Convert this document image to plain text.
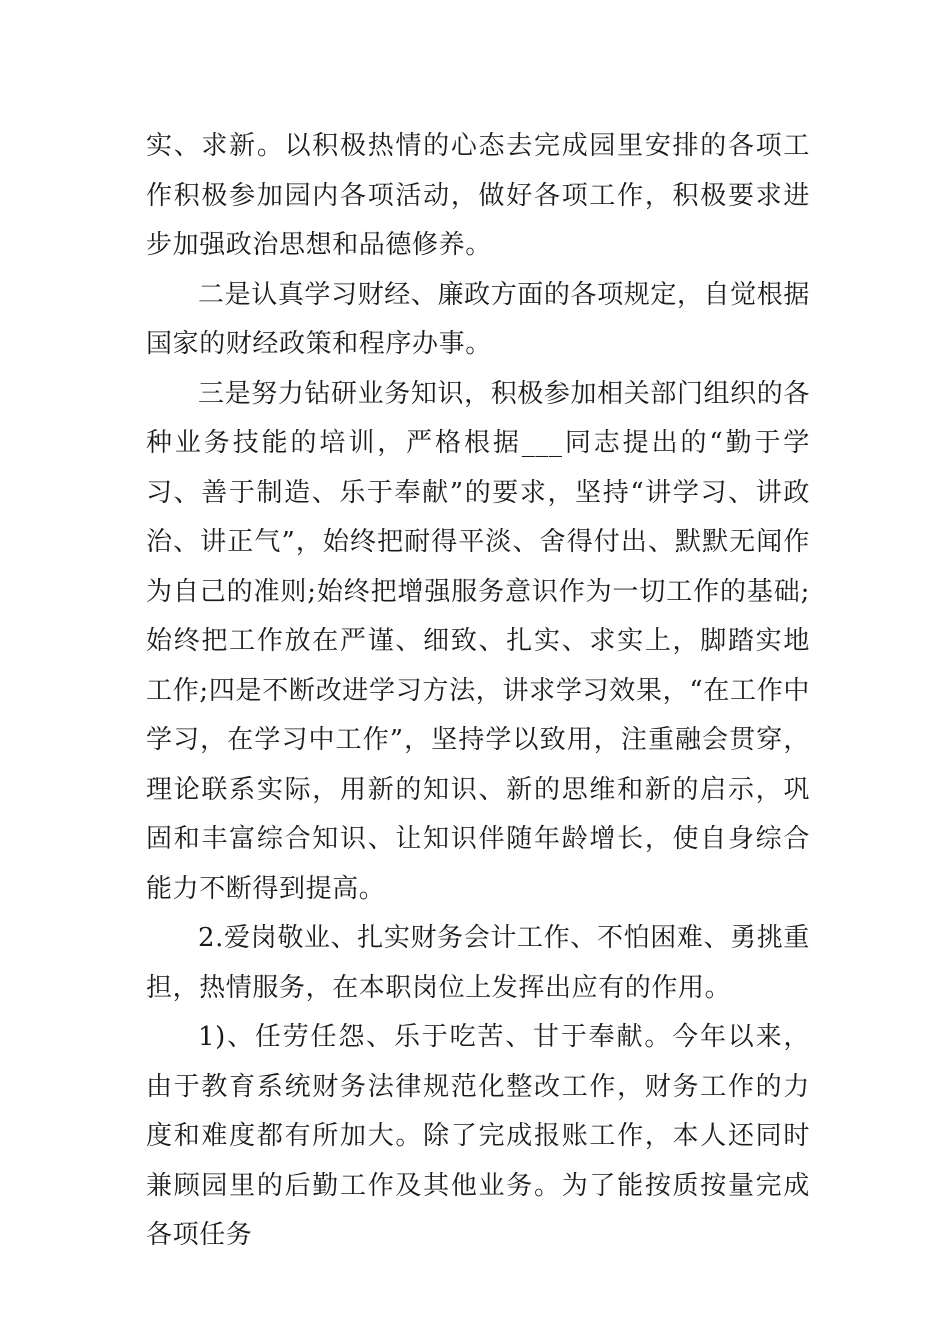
实、求新。以积极热情的心态去完成园里安排的各项工作积极参加园内各项活动，做好各项工作，积极要求进步加强政治思想和品德修养。

二是认真学习财经、廉政方面的各项规定，自觉根据国家的财经政策和程序办事。

三是努力钻研业务知识，积极参加相关部门组织的各种业务技能的培训，严格根据___同志提出的“勤于学习、善于制造、乐于奉献”的要求，坚持“讲学习、讲政治、讲正气”，始终把耐得平淡、舍得付出、默默无闻作为自己的准则;始终把增强服务意识作为一切工作的基础;始终把工作放在严谨、细致、扎实、求实上，脚踏实地工作;四是不断改进学习方法，讲求学习效果，“在工作中学习，在学习中工作”，坚持学以致用，注重融会贯穿，理论联系实际，用新的知识、新的思维和新的启示，巩固和丰富综合知识、让知识伴随年龄增长，使自身综合能力不断得到提高。

2.爱岗敬业、扎实财务会计工作、不怕困难、勇挑重担，热情服务，在本职岗位上发挥出应有的作用。

1)、任劳任怨、乐于吃苦、甘于奉献。今年以来，由于教育系统财务法律规范化整改工作，财务工作的力度和难度都有所加大。除了完成报账工作，本人还同时兼顾园里的后勤工作及其他业务。为了能按质按量完成各项任务
